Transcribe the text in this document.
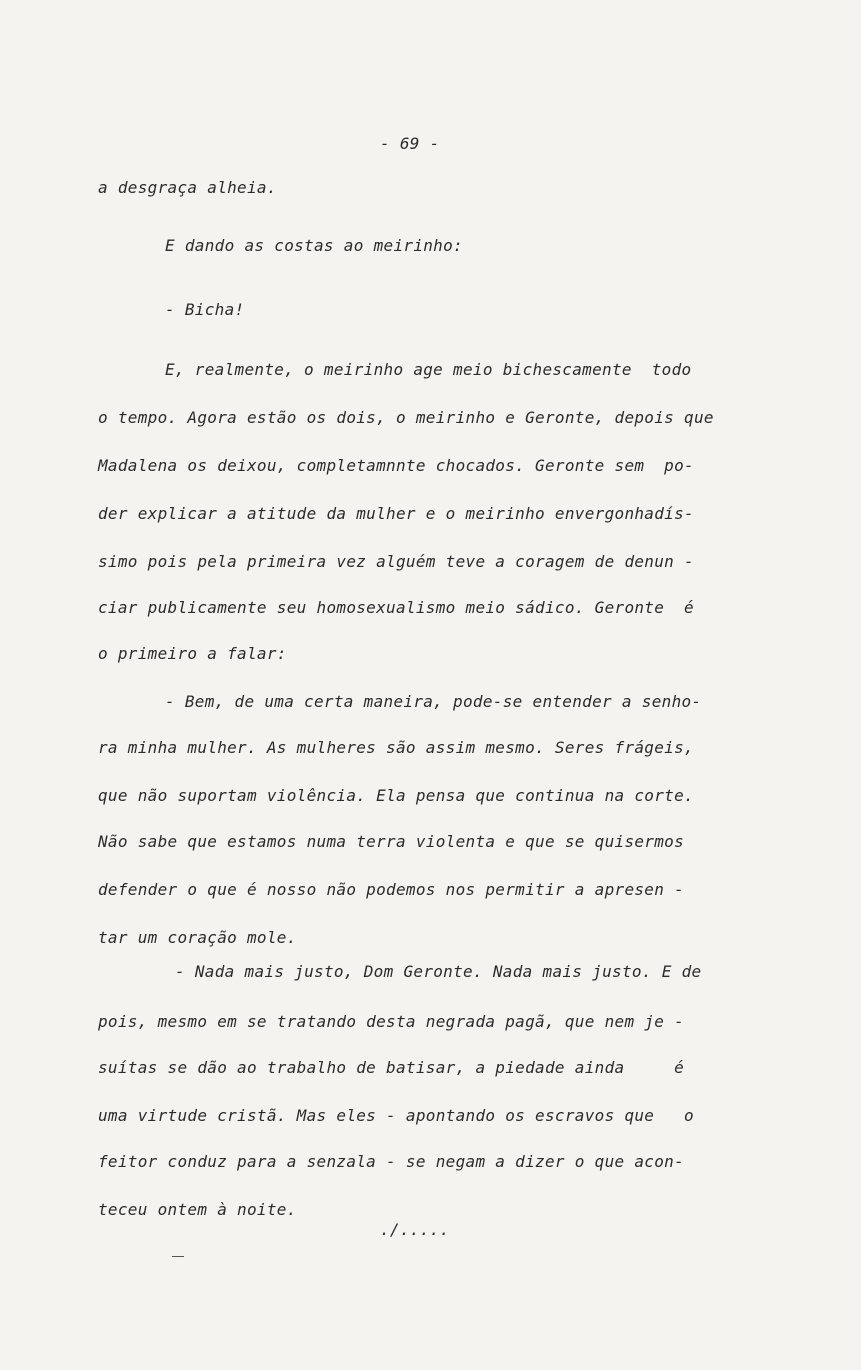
- 69 -
a desgraça alheia.
E dando as costas ao meirinho:
- Bicha!
E, realmente, o meirinho age meio bichescamente  todo
o tempo. Agora estão os dois, o meirinho e Geronte, depois que
Madalena os deixou, completamnnte chocados. Geronte sem  po-
der explicar a atitude da mulher e o meirinho envergonhadís-
simo pois pela primeira vez alguém teve a coragem de denun -
ciar publicamente seu homosexualismo meio sádico. Geronte  é
o primeiro a falar:
- Bem, de uma certa maneira, pode-se entender a senho-
ra minha mulher. As mulheres são assim mesmo. Seres frágeis,
que não suportam violência. Ela pensa que continua na corte.
Não sabe que estamos numa terra violenta e que se quisermos
defender o que é nosso não podemos nos permitir a apresen -
tar um coração mole.
- Nada mais justo, Dom Geronte. Nada mais justo. E de
pois, mesmo em se tratando desta negrada pagã, que nem je -
suítas se dão ao trabalho de batisar, a piedade ainda     é
uma virtude cristã. Mas eles - apontando os escravos que   o
feitor conduz para a senzala - se negam a dizer o que acon-
teceu ontem à noite.
./.....
